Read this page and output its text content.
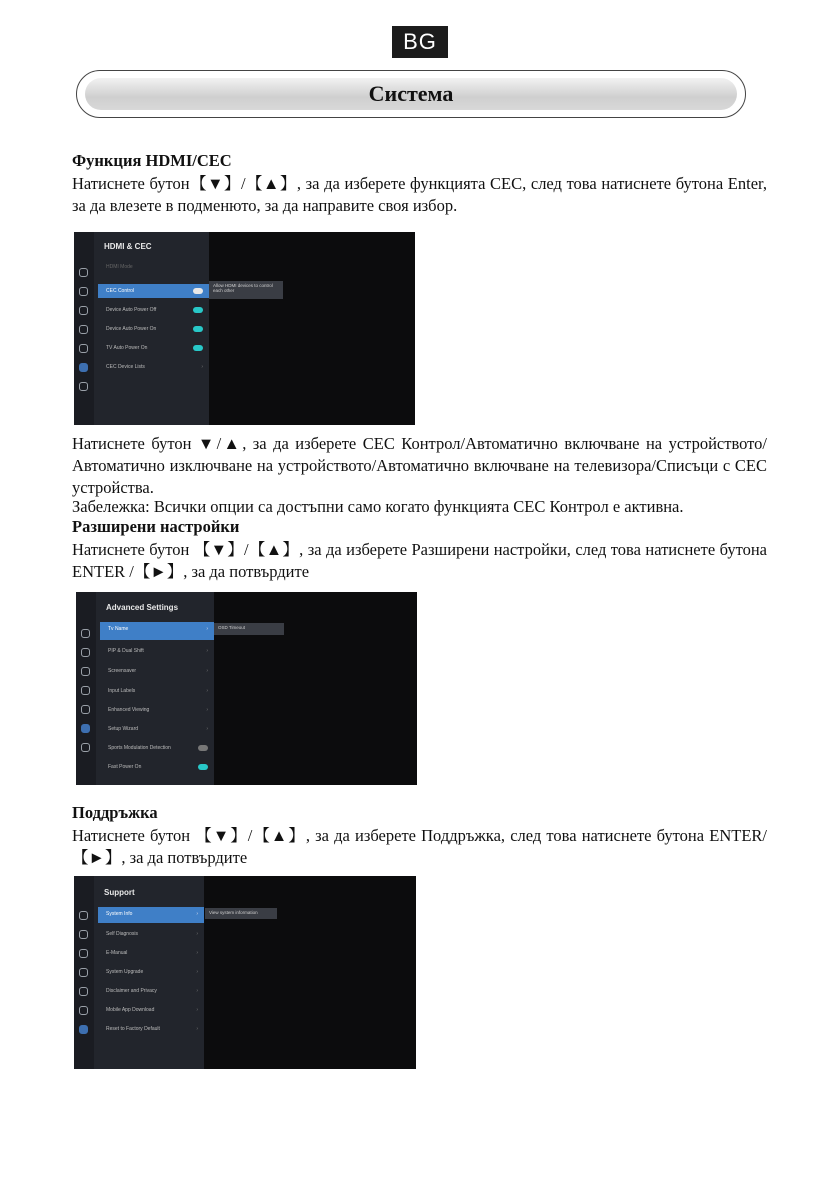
BG
Система

Функция HDMI/CEC

Натиснете бутон【▼】/【▲】, за да изберете функцията CEC, след това натиснете бутона Enter, за да влезете в подменюто, за да направите своя избор.

HDMI & CEC
HDMI Mode
CEC Control
Device Auto Power Off
Device Auto Power On
TV Auto Power On
CEC Device Lists	›
Allow HDMI devices to control each other

Натиснете бутон ▼/▲, за да изберете CEC Контрол/Автоматично включване на устройството/Автоматично изключване на устройството/Автоматично включване на телевизора/Списъци с CEC устройства.

Забележка: Всички опции са достъпни само когато функцията CEC Контрол е активна.

Разширени настройки

Натиснете бутон 【▼】/【▲】, за да изберете Разширени настройки, след това натиснете бутона ENTER /【►】, за да потвърдите

Advanced Settings
Tv Name	›
PIP & Dual Shift	›
Screensaver	›
Input Labels	›
Enhanced Viewing	›
Setup Wizard	›
Sports Modulation Detection
Fast Power On
OSD Timeout

Поддръжка

Натиснете бутон 【▼】/【▲】, за да изберете Поддръжка, след това натиснете бутона ENTER/ 【►】, за да потвърдите

Support
System Info	›
Self Diagnosis	›
E-Manual	›
System Upgrade	›
Disclaimer and Privacy	›
Mobile App Download	›
Reset to Factory Default	›
View system information
